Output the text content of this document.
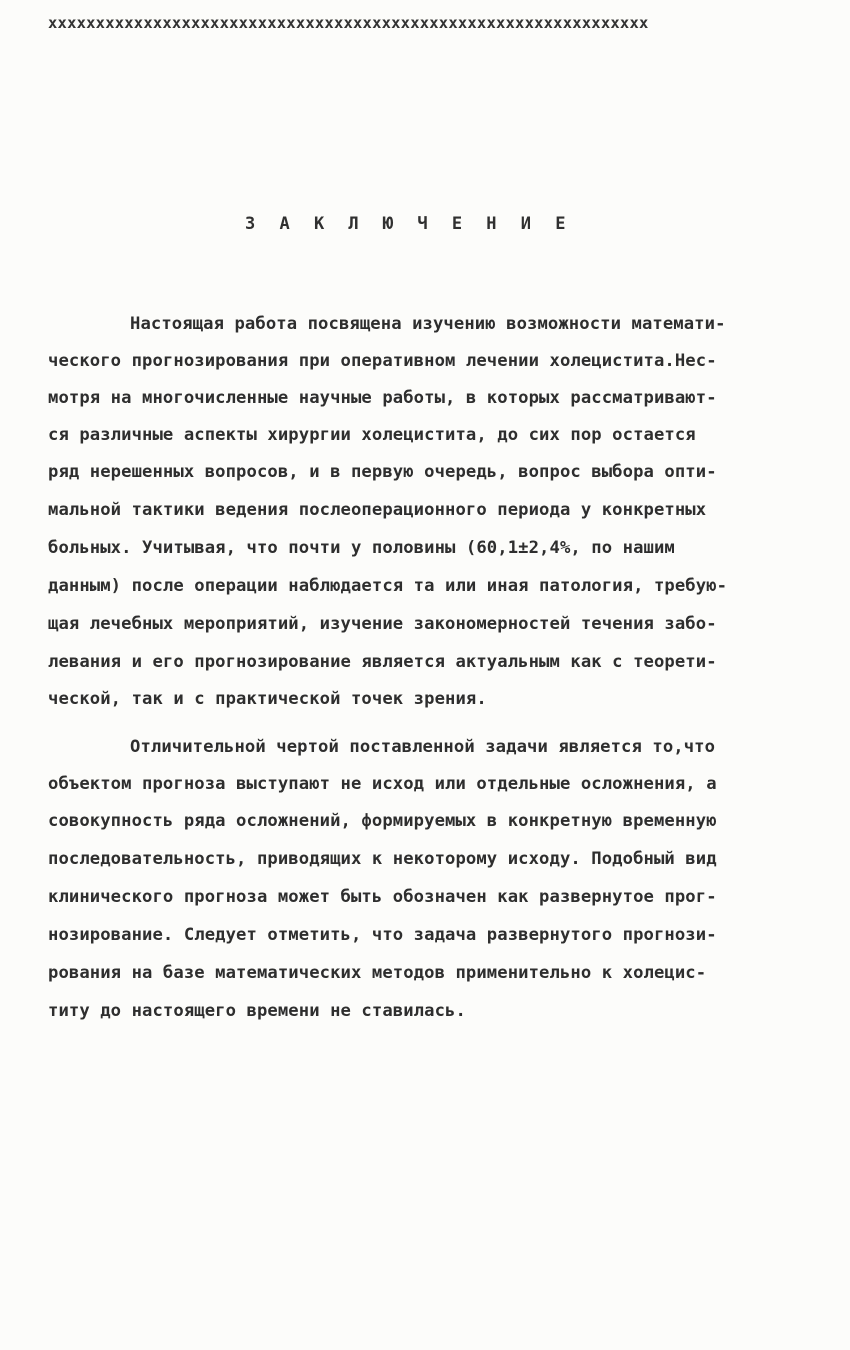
xxxxxxxxxxxxxxxxxxxxxxxxxxxxxxxxxxxxxxxxxxxxxxxxxxxxxxxxxxxxxxx
З А К Л Ю Ч Е Н И Е
Настоящая работа посвящена изучению возможности математи-
ческого прогнозирования при оперативном лечении холецистита.Нес-
мотря на многочисленные научные работы, в которых рассматривают-
ся различные аспекты хирургии холецистита, до сих пор остается
ряд нерешенных вопросов, и в первую очередь, вопрос выбора опти-
мальной тактики ведения послеоперационного периода у конкретных
больных. Учитывая, что почти у половины (60,1±2,4%, по нашим
данным) после операции наблюдается та или иная патология, требую-
щая лечебных мероприятий, изучение закономерностей течения забо-
левания и его прогнозирование является актуальным как с теорети-
ческой, так и с практической точек зрения.
Отличительной чертой поставленной задачи является то,что
объектом прогноза выступают не исход или отдельные осложнения, а
совокупность ряда осложнений, формируемых в конкретную временную
последовательность, приводящих к некоторому исходу. Подобный вид
клинического прогноза может быть обозначен как развернутое прог-
нозирование. Следует отметить, что задача развернутого прогнози-
рования на базе математических методов применительно к холецис-
титу до настоящего времени не ставилась.
